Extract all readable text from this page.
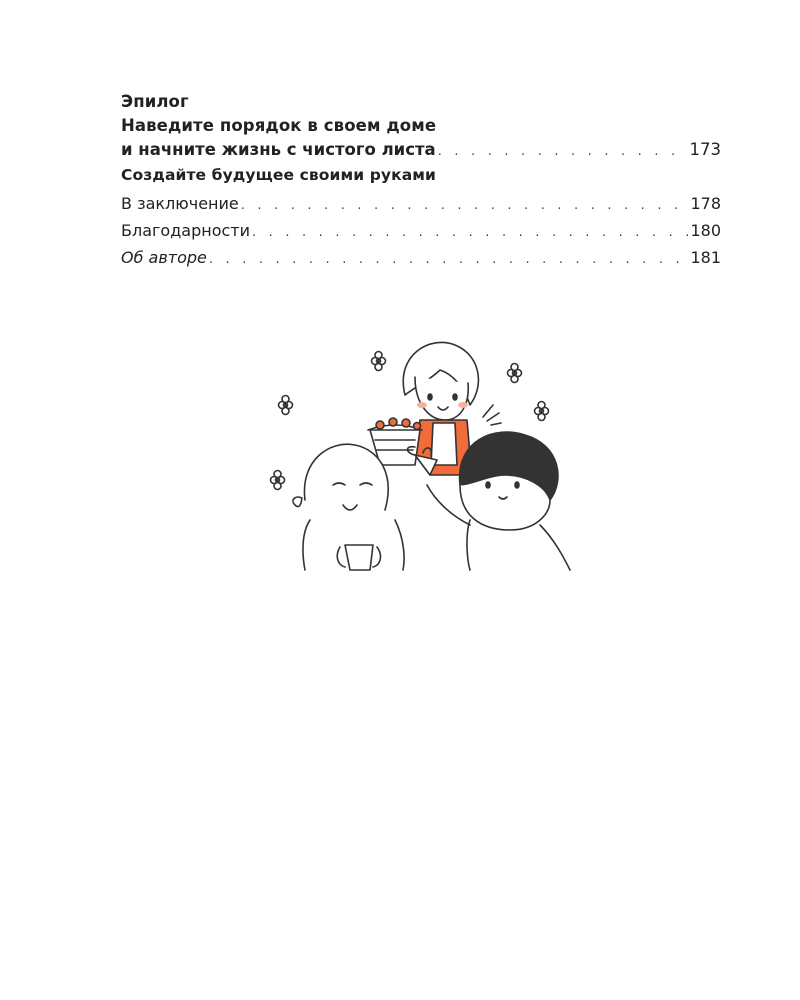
Эпилог
Наведите порядок в своем доме
и начните жизнь с чистого листа . . .	173
Создайте будущее своими руками
В заключение . . .	178
Благодарности . . .	180
Об авторе . . .	181
